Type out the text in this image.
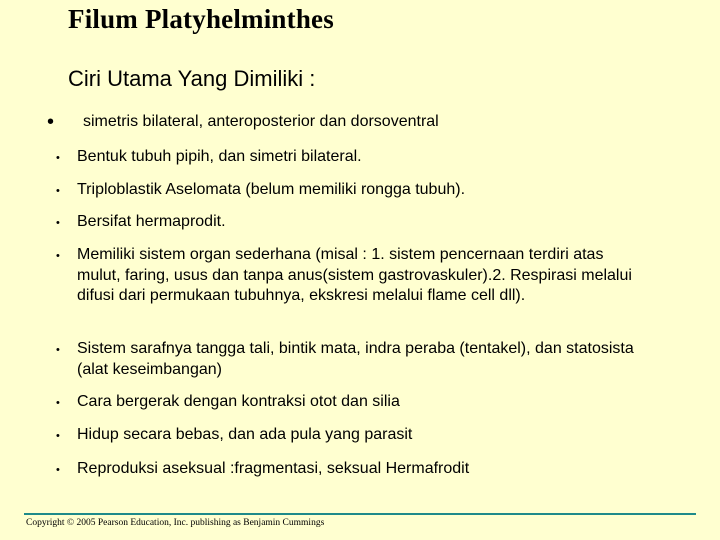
Filum Platyhelminthes
Ciri Utama Yang Dimiliki :
• simetris bilateral, anteroposterior dan dorsoventral
• Bentuk tubuh pipih, dan simetri bilateral.
• Triploblastik Aselomata (belum memiliki rongga tubuh).
• Bersifat hermaprodit.
• Memiliki sistem organ sederhana (misal : 1. sistem pencernaan terdiri atas mulut, faring, usus dan tanpa anus(sistem gastrovaskuler).2. Respirasi melalui difusi dari permukaan tubuhnya, ekskresi melalui flame cell dll).
• Sistem sarafnya tangga tali, bintik mata, indra peraba (tentakel), dan statosista (alat keseimbangan)
• Cara bergerak dengan kontraksi otot dan silia
• Hidup secara bebas, dan ada pula yang parasit
• Reproduksi aseksual :fragmentasi, seksual Hermafrodit
Copyright © 2005 Pearson Education, Inc. publishing as Benjamin Cummings
